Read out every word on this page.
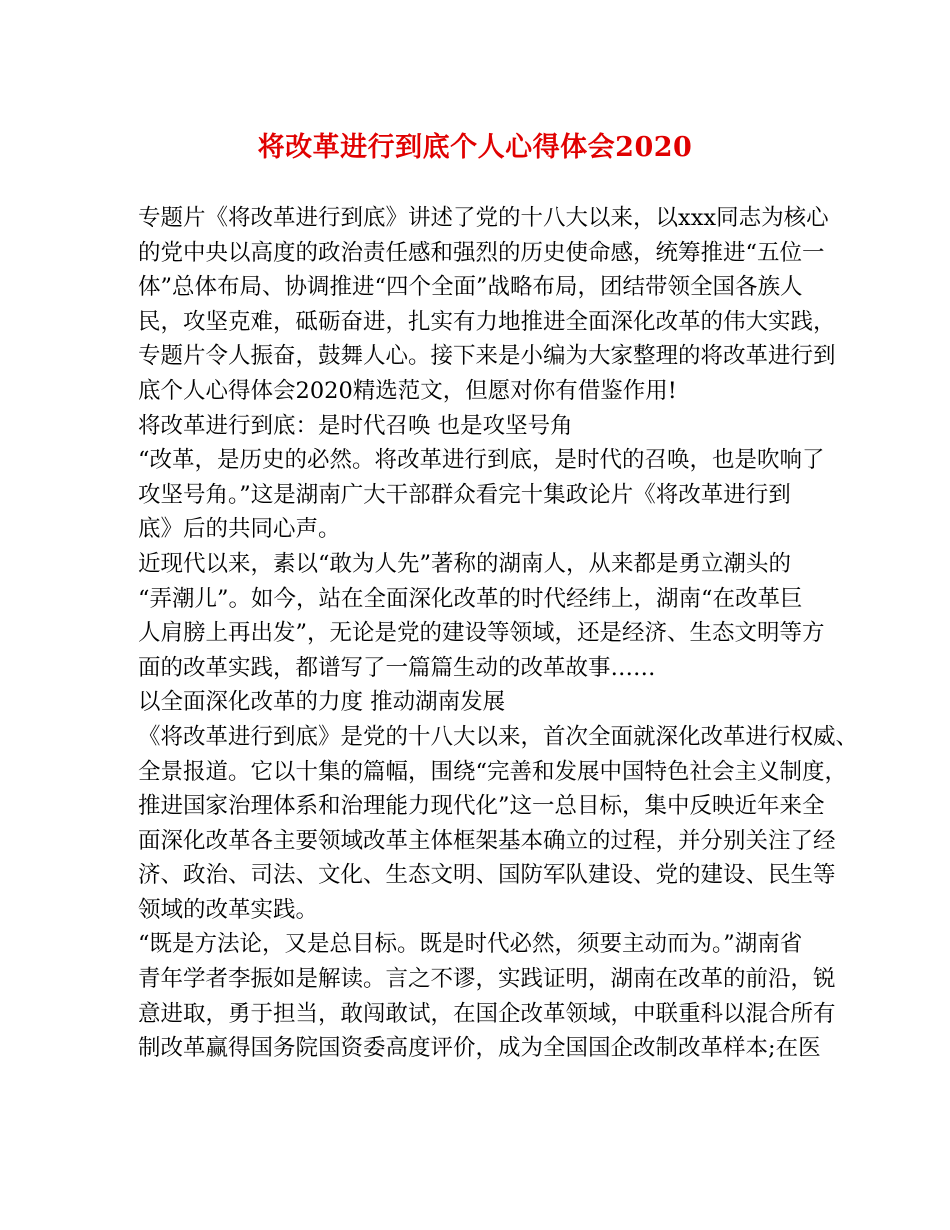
将改革进行到底个人心得体会2020
专题片《将改革进行到底》讲述了党的十八大以来，以xxx同志为核心
的党中央以高度的政治责任感和强烈的历史使命感，统筹推进“五位一
体”总体布局、协调推进“四个全面”战略布局，团结带领全国各族人
民，攻坚克难，砥砺奋进，扎实有力地推进全面深化改革的伟大实践，
专题片令人振奋，鼓舞人心。接下来是小编为大家整理的将改革进行到
底个人心得体会2020精选范文，但愿对你有借鉴作用!
将改革进行到底：是时代召唤 也是攻坚号角
“改革，是历史的必然。将改革进行到底，是时代的召唤，也是吹响了
攻坚号角。”这是湖南广大干部群众看完十集政论片《将改革进行到
底》后的共同心声。
近现代以来，素以“敢为人先”著称的湖南人，从来都是勇立潮头的
“弄潮儿”。如今，站在全面深化改革的时代经纬上，湖南“在改革巨
人肩膀上再出发”，无论是党的建设等领域，还是经济、生态文明等方
面的改革实践，都谱写了一篇篇生动的改革故事……
以全面深化改革的力度 推动湖南发展
《将改革进行到底》是党的十八大以来，首次全面就深化改革进行权威、
全景报道。它以十集的篇幅，围绕“完善和发展中国特色社会主义制度，
推进国家治理体系和治理能力现代化”这一总目标，集中反映近年来全
面深化改革各主要领域改革主体框架基本确立的过程，并分别关注了经
济、政治、司法、文化、生态文明、国防军队建设、党的建设、民生等
领域的改革实践。
“既是方法论，又是总目标。既是时代必然，须要主动而为。”湖南省
青年学者李振如是解读。言之不谬，实践证明，湖南在改革的前沿，锐
意进取，勇于担当，敢闯敢试，在国企改革领域，中联重科以混合所有
制改革赢得国务院国资委高度评价，成为全国国企改制改革样本;在医
